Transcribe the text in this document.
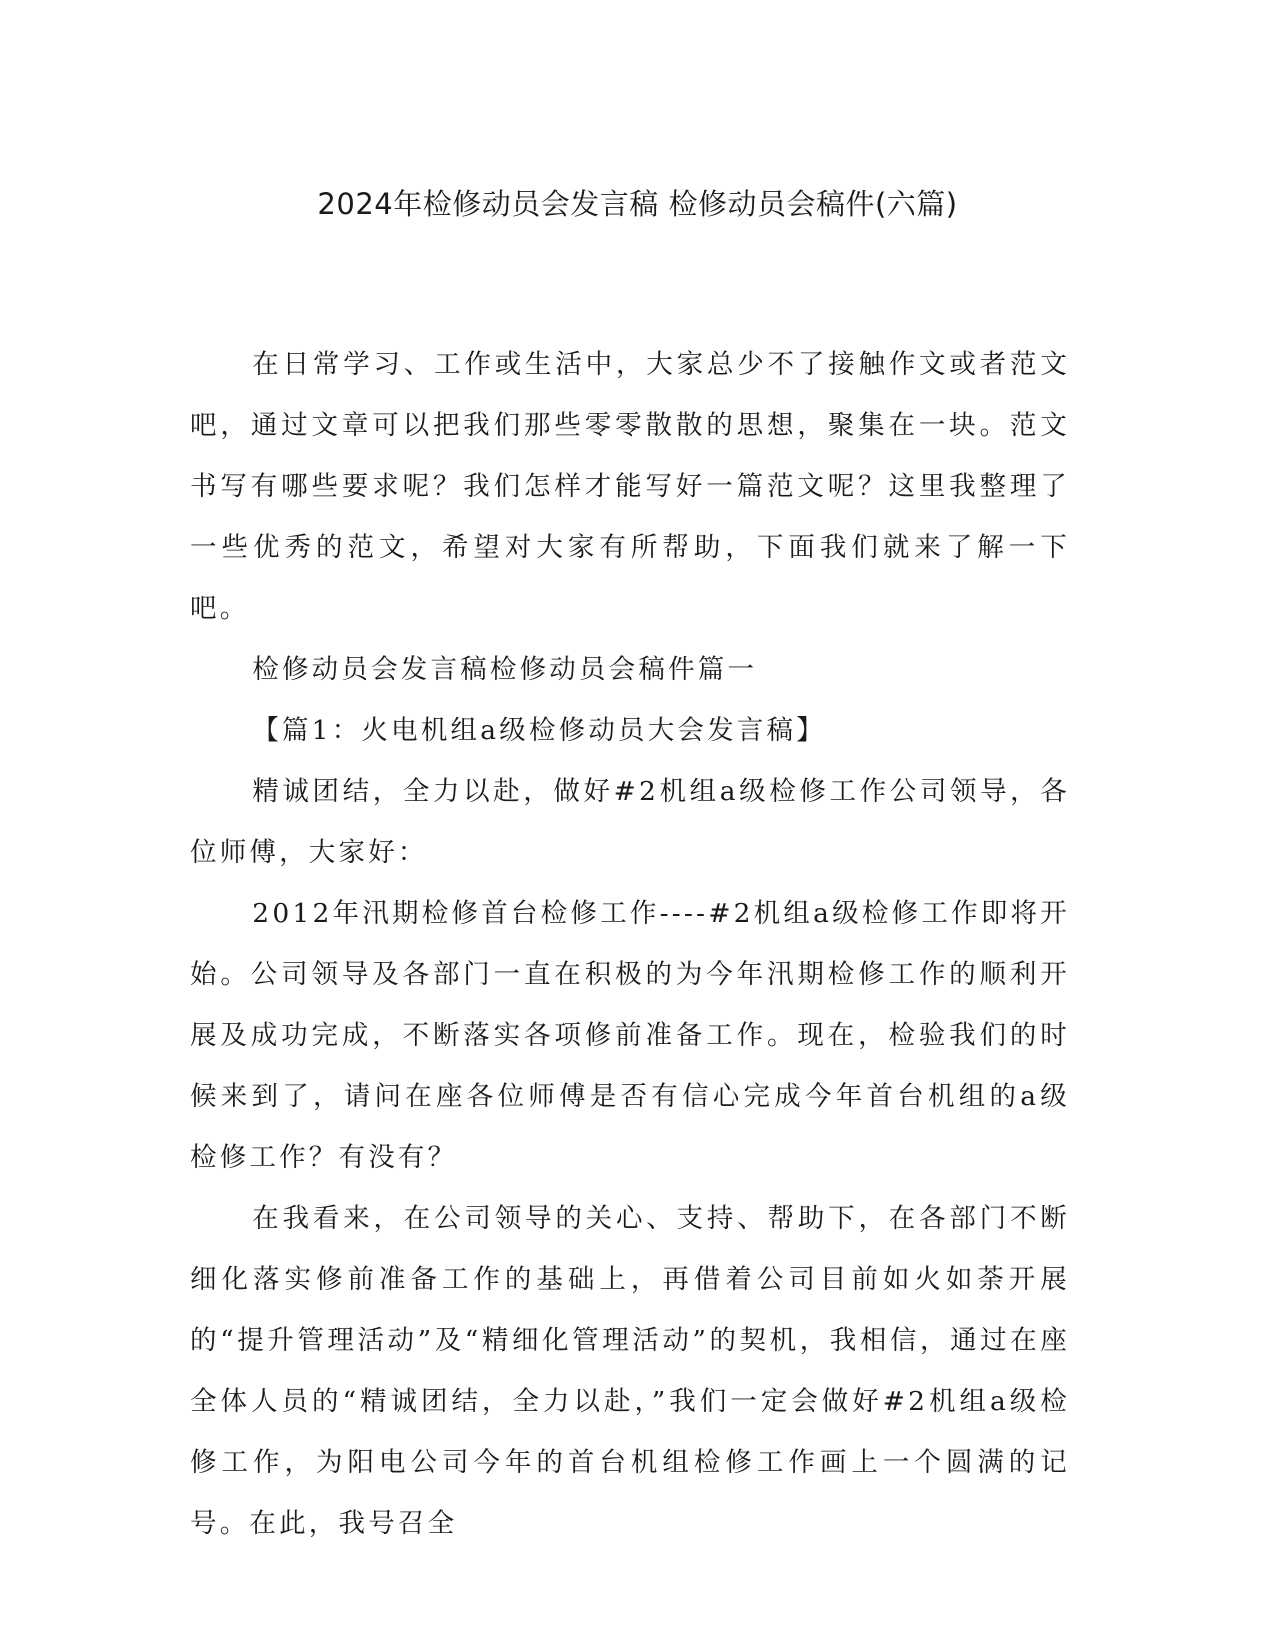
2024年检修动员会发言稿 检修动员会稿件(六篇)

在日常学习、工作或生活中，大家总少不了接触作文或者范文吧，通过文章可以把我们那些零零散散的思想，聚集在一块。范文书写有哪些要求呢？我们怎样才能写好一篇范文呢？这里我整理了一些优秀的范文，希望对大家有所帮助，下面我们就来了解一下吧。

检修动员会发言稿检修动员会稿件篇一

【篇1：火电机组a级检修动员大会发言稿】

精诚团结，全力以赴，做好#2机组a级检修工作公司领导，各位师傅，大家好：

2012年汛期检修首台检修工作----#2机组a级检修工作即将开始。公司领导及各部门一直在积极的为今年汛期检修工作的顺利开展及成功完成，不断落实各项修前准备工作。现在，检验我们的时候来到了，请问在座各位师傅是否有信心完成今年首台机组的a级检修工作？有没有？

在我看来，在公司领导的关心、支持、帮助下，在各部门不断细化落实修前准备工作的基础上，再借着公司目前如火如荼开展的“提升管理活动”及“精细化管理活动”的契机，我相信，通过在座全体人员的“精诚团结，全力以赴，”我们一定会做好#2机组a级检修工作，为阳电公司今年的首台机组检修工作画上一个圆满的记号。在此，我号召全
